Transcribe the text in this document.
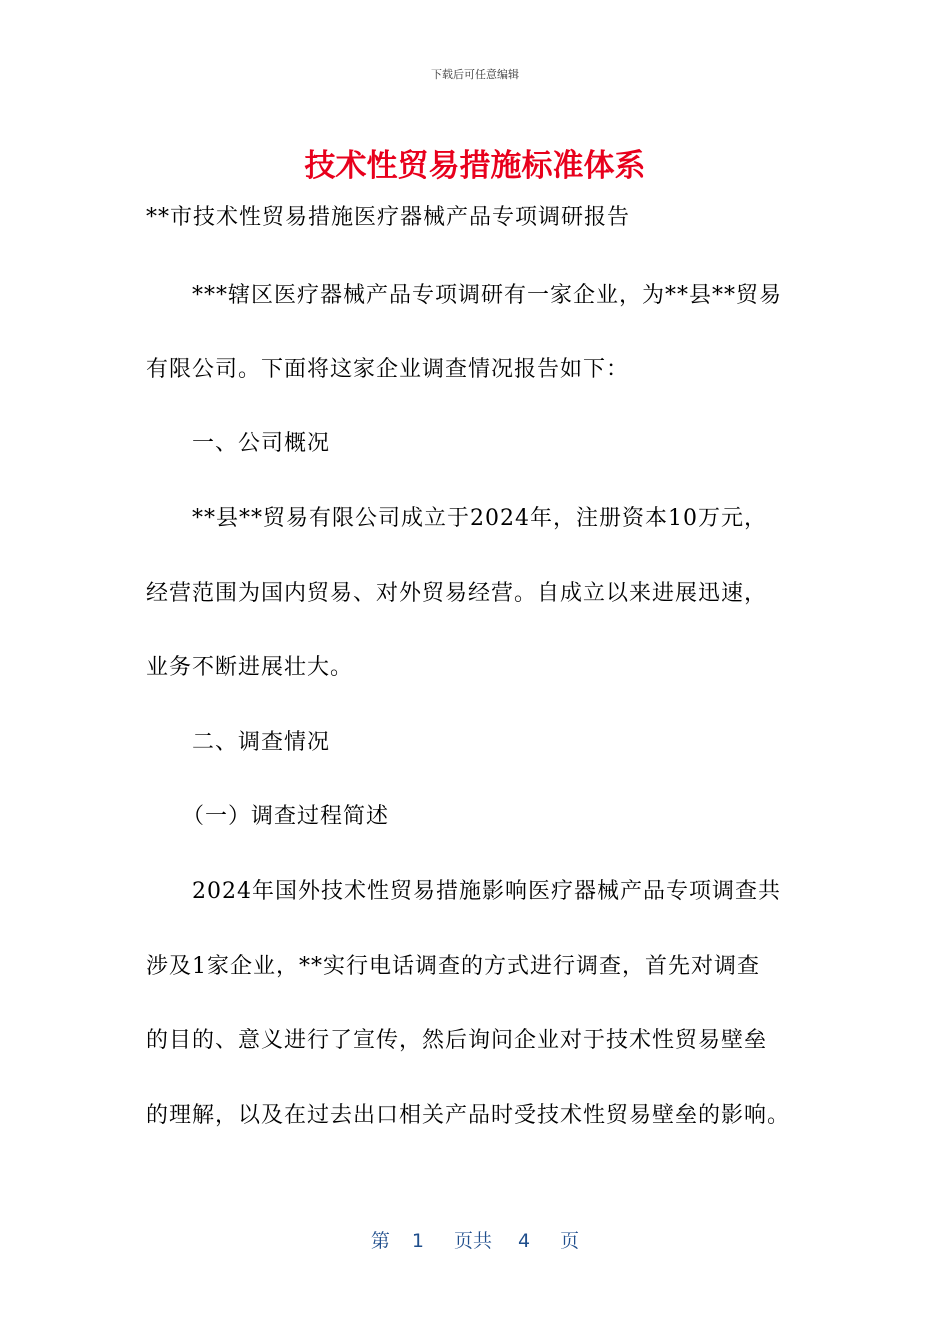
下载后可任意编辑
技术性贸易措施标准体系
**市技术性贸易措施医疗器械产品专项调研报告
***辖区医疗器械产品专项调研有一家企业，为**县**贸易
有限公司。下面将这家企业调查情况报告如下：
一、公司概况
**县**贸易有限公司成立于2024年，注册资本10万元，
经营范围为国内贸易、对外贸易经营。自成立以来进展迅速，
业务不断进展壮大。
二、调查情况
（一）调查过程简述
2024年国外技术性贸易措施影响医疗器械产品专项调查共
涉及1家企业，**实行电话调查的方式进行调查，首先对调查
的目的、意义进行了宣传，然后询问企业对于技术性贸易壁垒
的理解，以及在过去出口相关产品时受技术性贸易壁垒的影响。
第 1 页共 4 页
